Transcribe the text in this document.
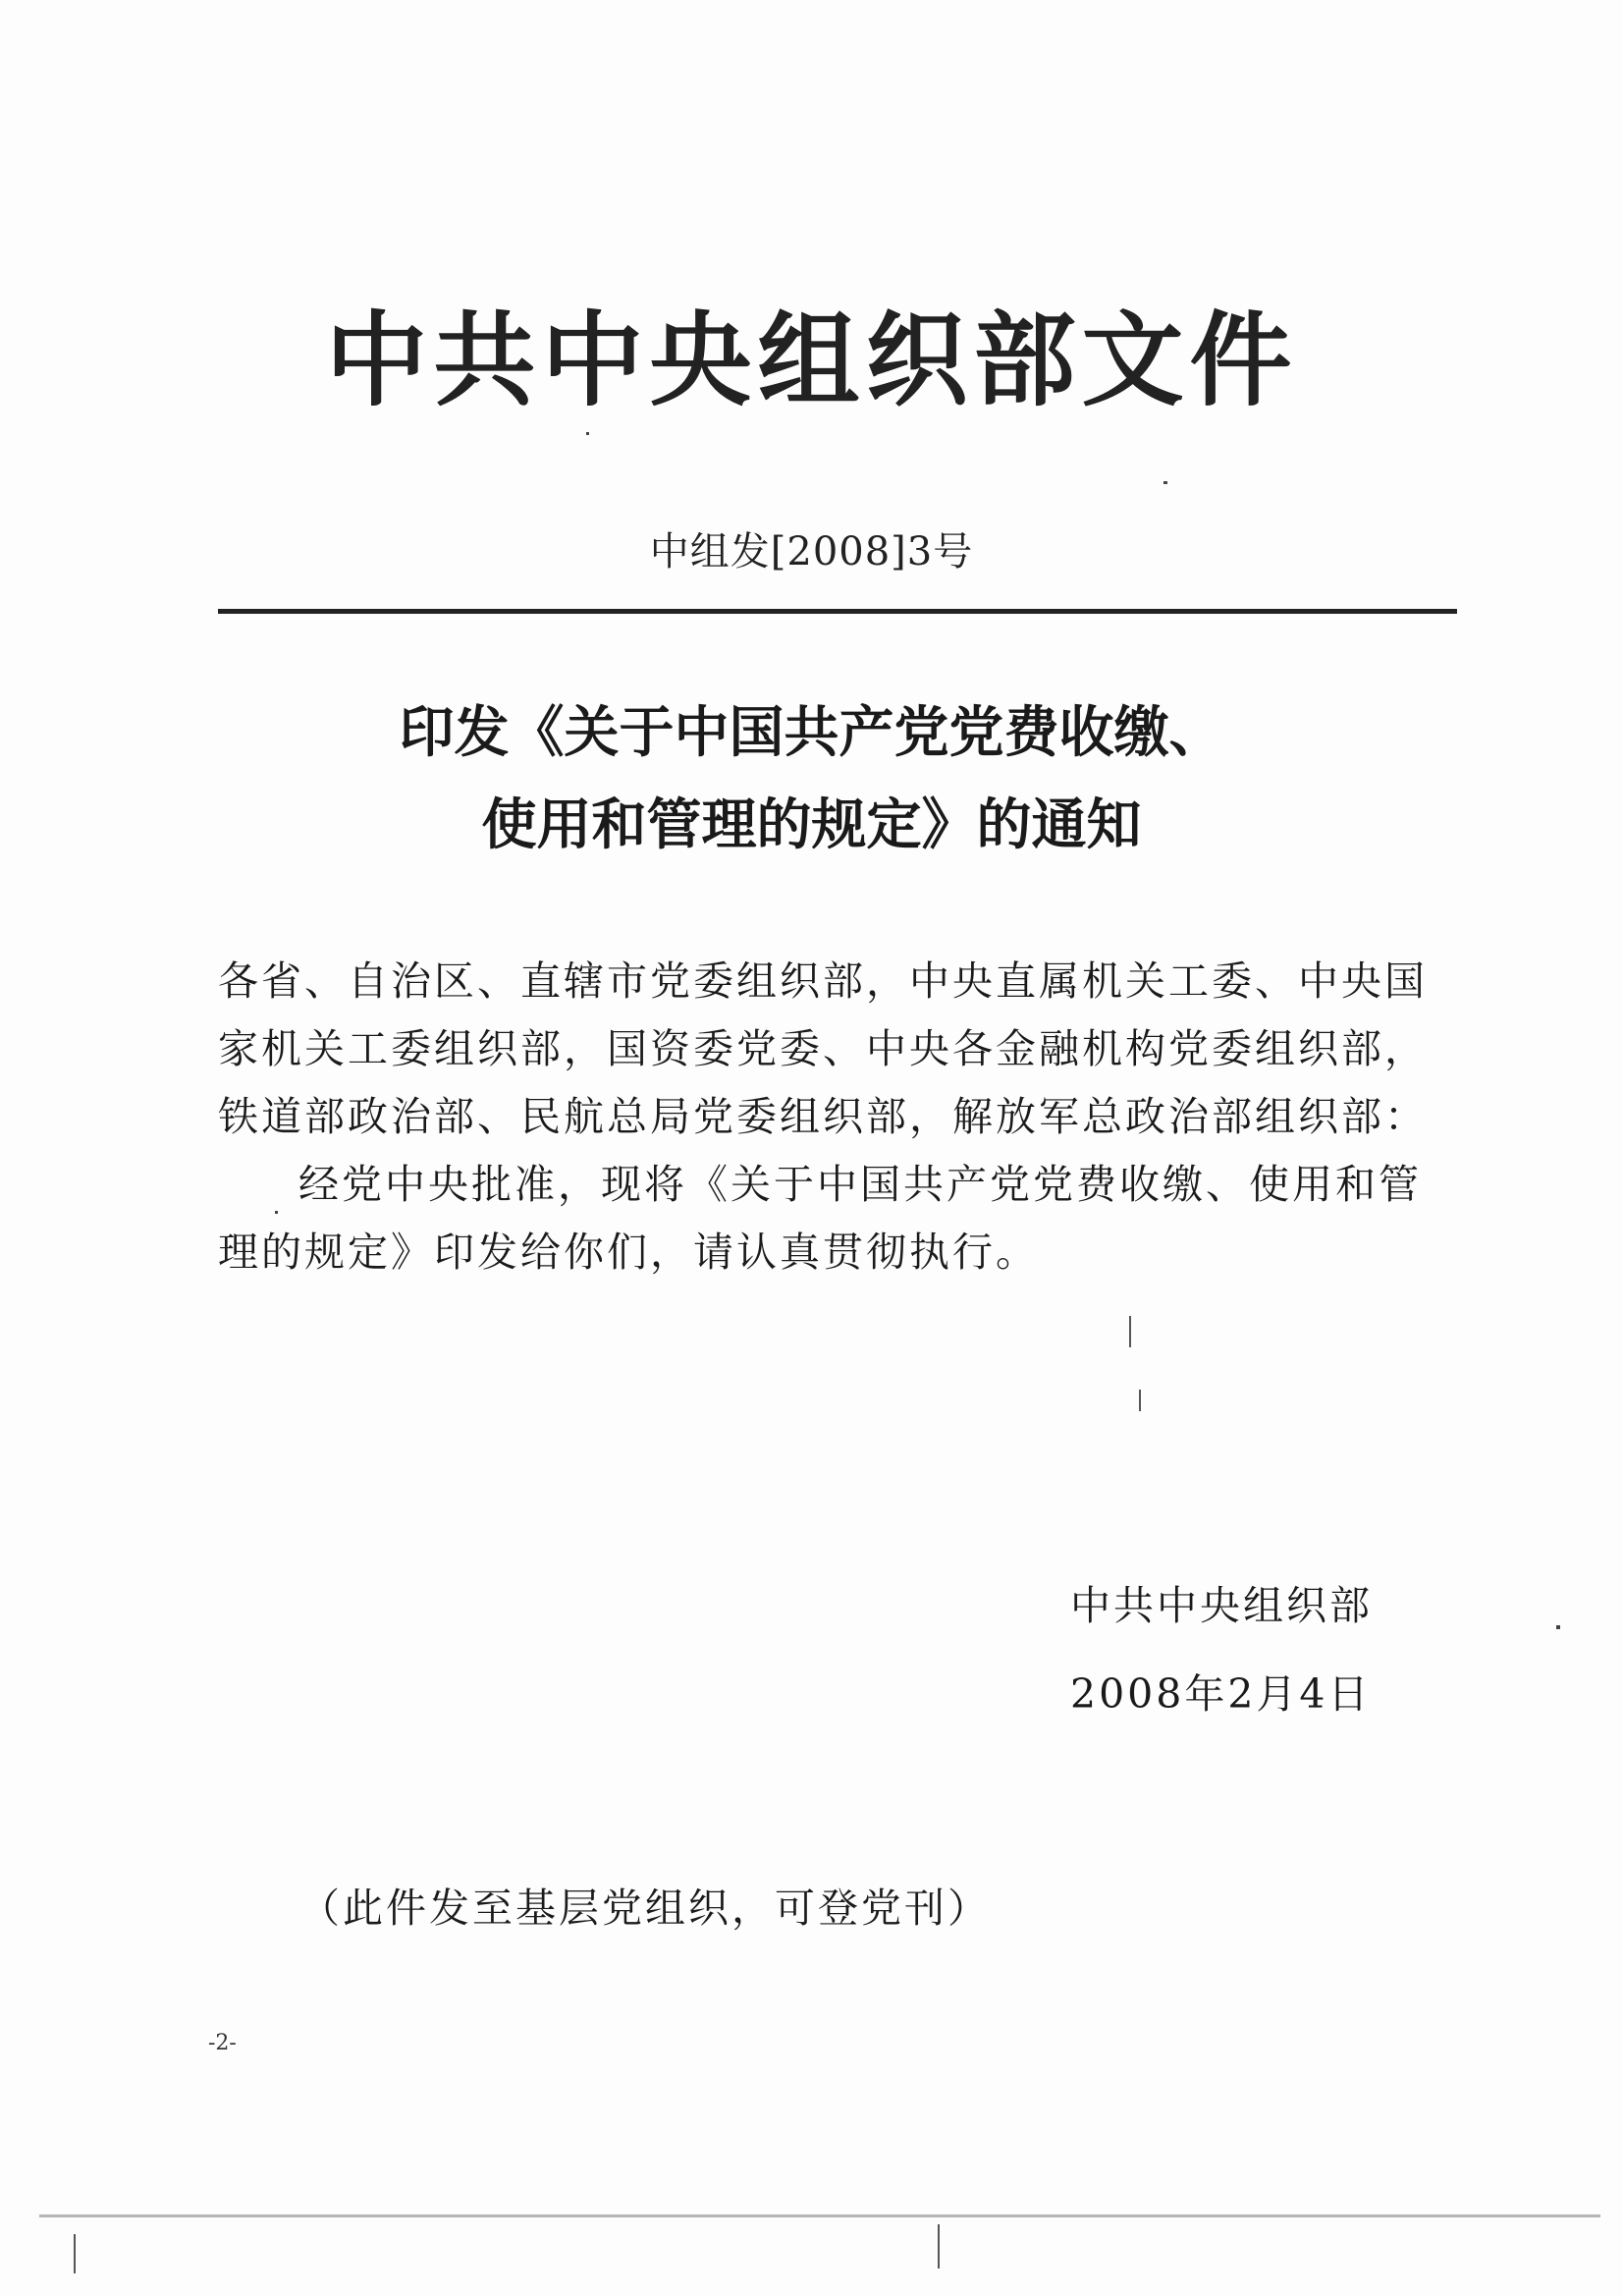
中共中央组织部文件
中组发[2008]3号
印发《关于中国共产党党费收缴、
使用和管理的规定》的通知
各省、自治区、直辖市党委组织部，中央直属机关工委、中央国
家机关工委组织部，国资委党委、中央各金融机构党委组织部，
铁道部政治部、民航总局党委组织部，解放军总政治部组织部：
经党中央批准，现将《关于中国共产党党费收缴、使用和管
理的规定》印发给你们，请认真贯彻执行。
中共中央组织部
2008年2月4日
（此件发至基层党组织，可登党刊）
-2-
